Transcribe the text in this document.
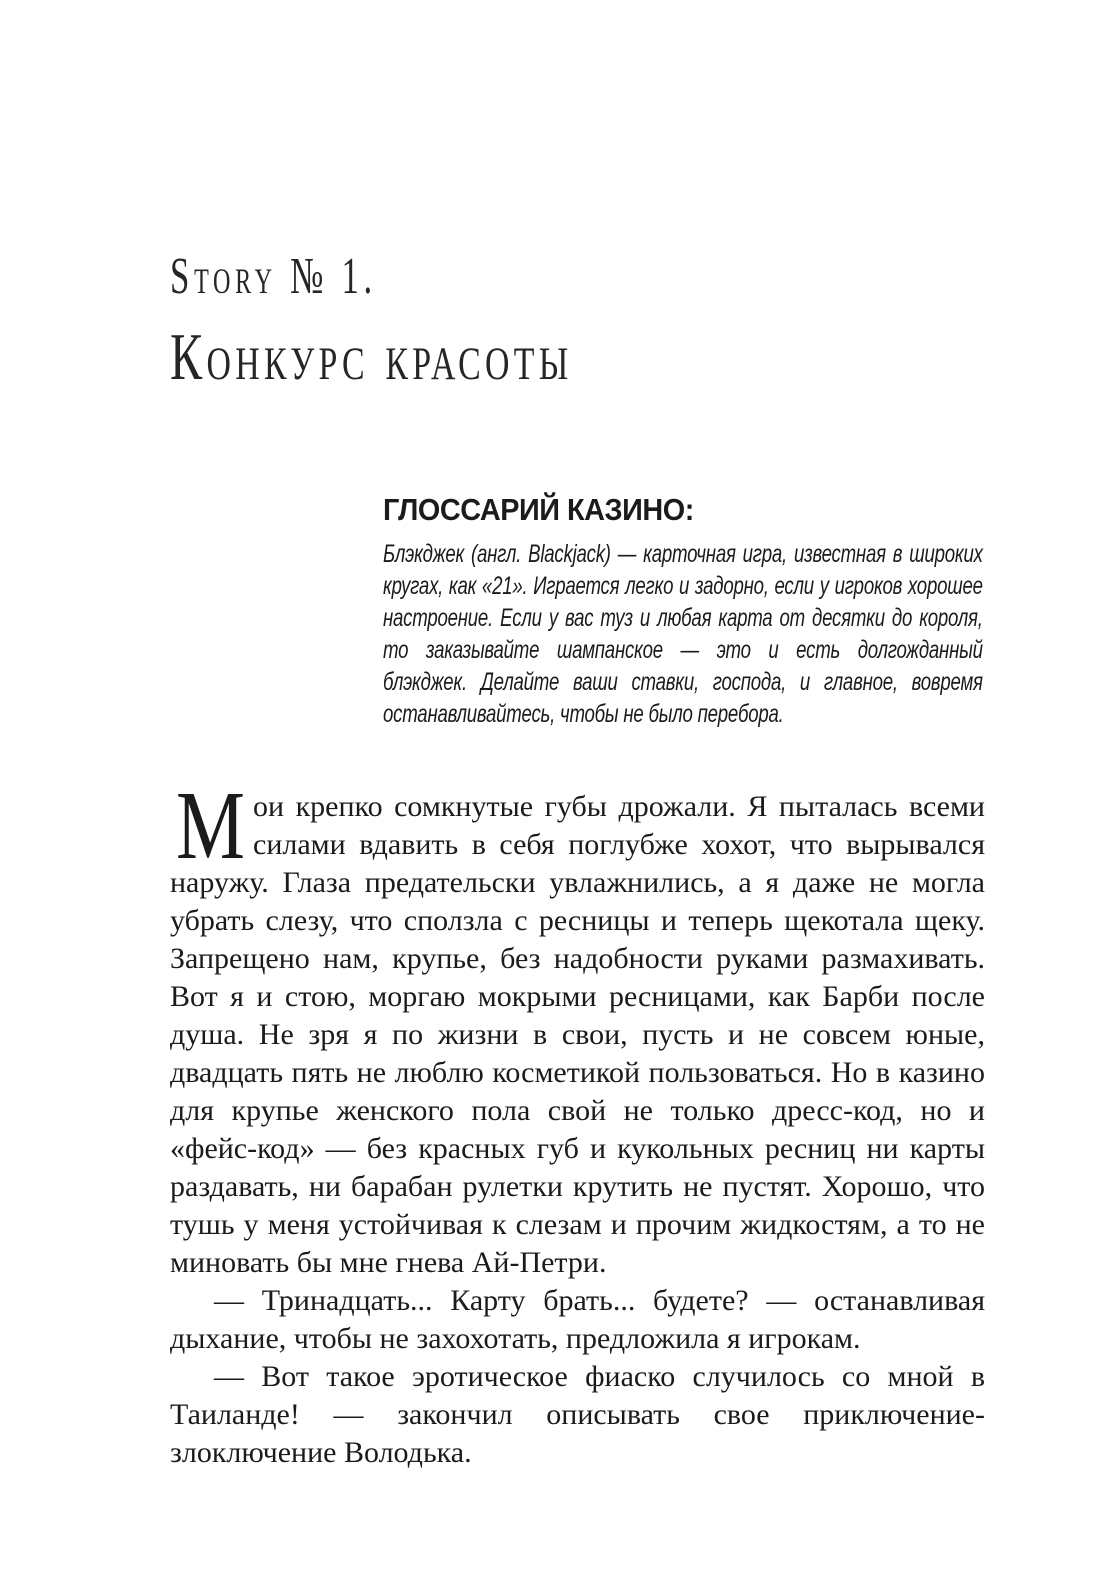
Story № 1.
Конкурс красоты
ГЛОССАРИЙ КАЗИНО:
Блэкджек (англ. Blackjack) — карточная игра, известная в широких кругах, как «21». Играется легко и задорно, если у игроков хорошее настроение. Если у вас туз и любая карта от десятки до короля, то заказывайте шампанское — это и есть долгожданный блэкджек. Делайте ваши ставки, господа, и главное, вовремя останавливайтесь, чтобы не было перебора.

Мои крепко сомкнутые губы дрожали. Я пыталась всеми силами вдавить в себя поглубже хохот, что вырывался наружу. Глаза предательски увлажнились, а я даже не могла убрать слезу, что сползла с ресницы и теперь щекотала щеку. Запрещено нам, крупье, без надобности руками размахивать. Вот я и стою, моргаю мокрыми ресницами, как Барби после душа. Не зря я по жизни в свои, пусть и не совсем юные, двадцать пять не люблю косметикой пользоваться. Но в казино для крупье женского пола свой не только дресс-код, но и «фейс-код» — без красных губ и кукольных ресниц ни карты раздавать, ни барабан рулетки крутить не пустят. Хорошо, что тушь у меня устойчивая к слезам и прочим жидкостям, а то не миновать бы мне гнева Ай-Петри.

— Тринадцать... Карту брать... будете? — останавливая дыхание, чтобы не захохотать, предложила я игрокам.

— Вот такое эротическое фиаско случилось со мной в Таиланде! — закончил описывать свое приключение-злоключение Володька.
